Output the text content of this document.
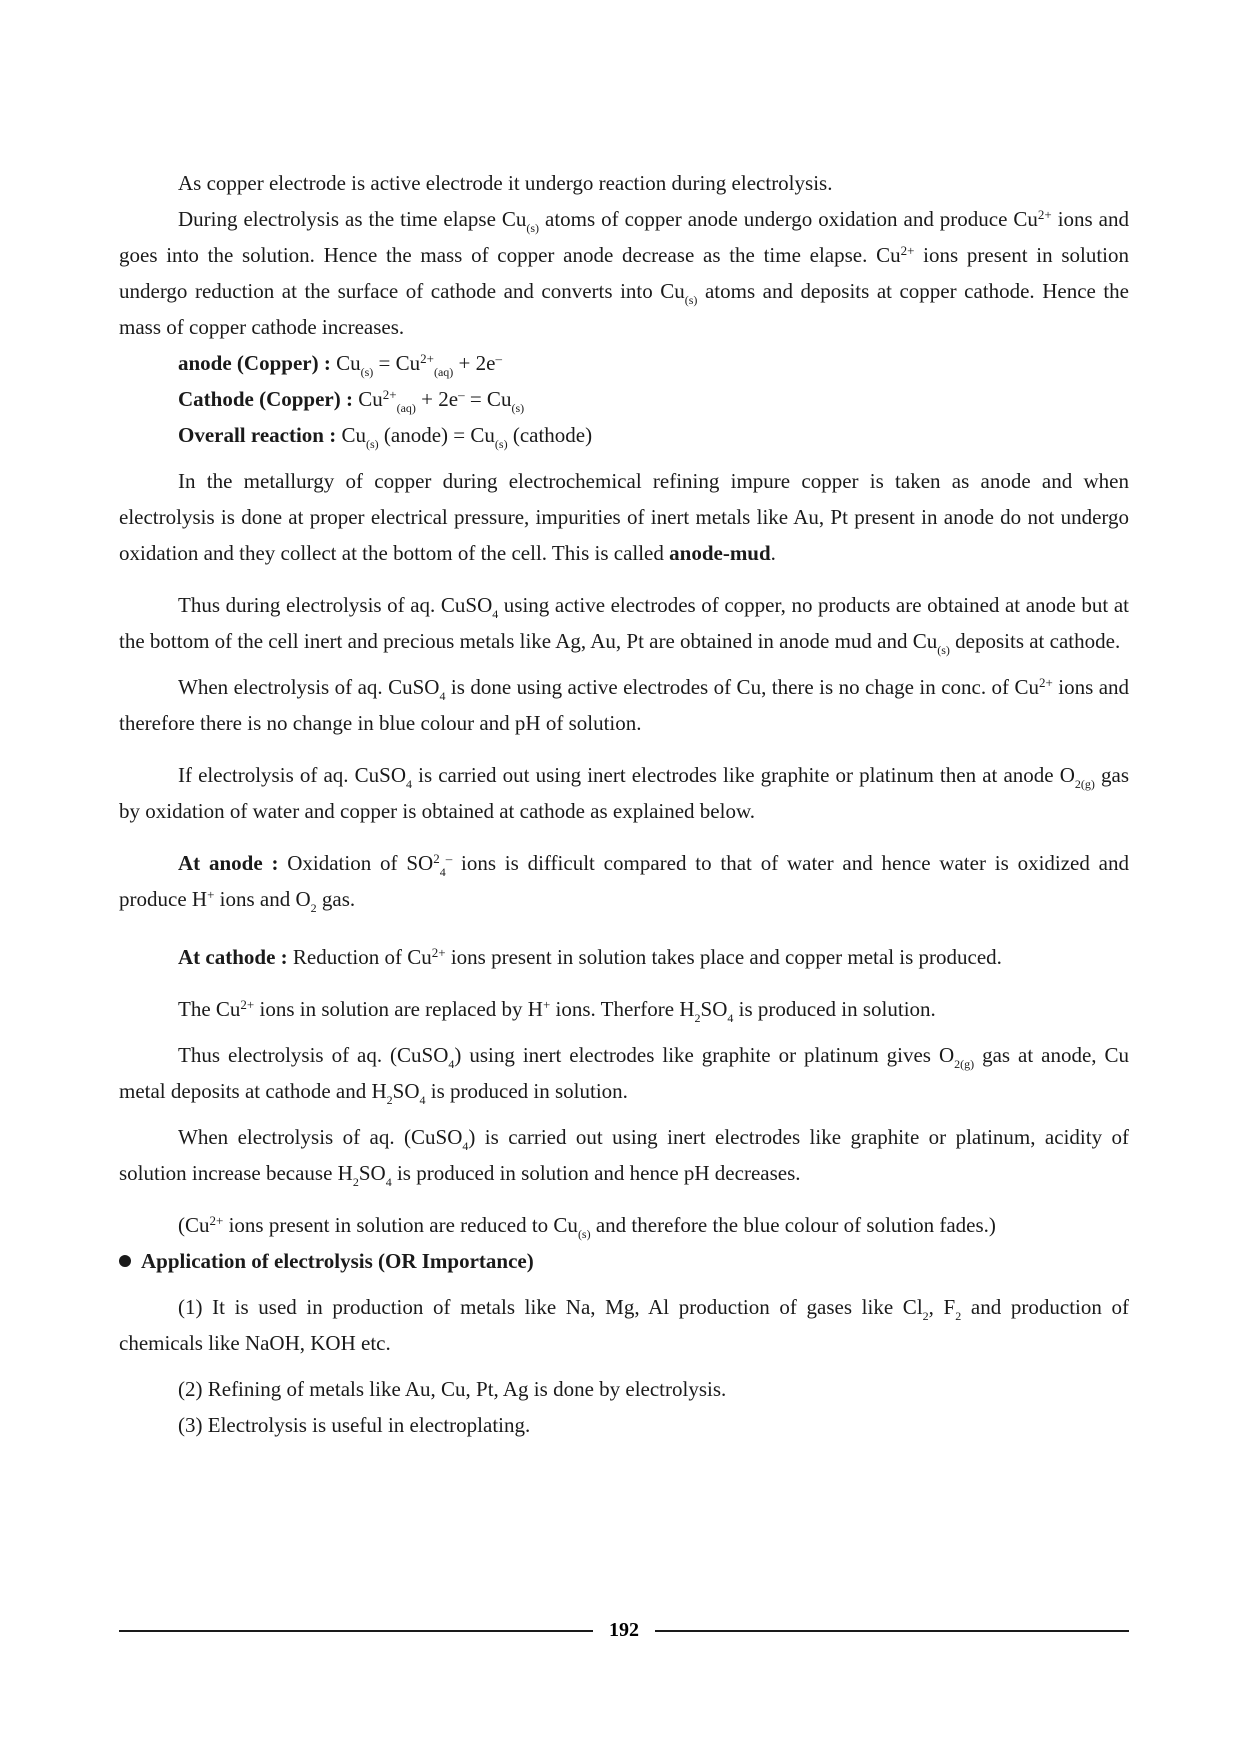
As copper electrode is active electrode it undergo reaction during electrolysis.

During electrolysis as the time elapse $Cu_{(s)}$ atoms of copper anode undergo oxidation and produce $Cu^{2+}$ ions and goes into the solution. Hence the mass of copper anode decrease as the time elapse. $Cu^{2+}$ ions present in solution undergo reduction at the surface of cathode and converts into $Cu_{(s)}$ atoms and deposits at copper cathode. Hence the mass of copper cathode increases.

anode (Copper) : $Cu_{(s)} = Cu^{2+}_{(aq)} + 2e^-$

Cathode (Copper) : $Cu^{2+}_{(aq)} + 2e^- = Cu_{(s)}$

Overall reaction : $Cu_{(s)}$ (anode) = $Cu_{(s)}$ (cathode)

In the metallurgy of copper during electrochemical refining impure copper is taken as anode and when electrolysis is done at proper electrical pressure, impurities of inert metals like Au, Pt present in anode do not undergo oxidation and they collect at the bottom of the cell. This is called anode-mud.

Thus during electrolysis of aq. CuSO$_4$ using active electrodes of copper, no products are obtained at anode but at the bottom of the cell inert and precious metals like Ag, Au, Pt are obtained in anode mud and $Cu_{(s)}$ deposits at cathode.

When electrolysis of aq. CuSO$_4$ is done using active electrodes of Cu, there is no chage in conc. of $Cu^{2+}$ ions and therefore there is no change in blue colour and pH of solution.

If electrolysis of aq. CuSO$_4$ is carried out using inert electrodes like graphite or platinum then at anode $O_{2(g)}$ gas by oxidation of water and copper is obtained at cathode as explained below.

At anode : Oxidation of $SO^2_4^-$ ions is difficult compared to that of water and hence water is oxidized and produce H+ ions and $O_2$ gas.

At cathode : Reduction of $Cu^{2+}$ ions present in solution takes place and copper metal is produced.

The $Cu^{2+}$ ions in solution are replaced by H+ ions. Therfore $H_2SO_4$ is produced in solution.

Thus electrolysis of aq. (CuSO$_4$) using inert electrodes like graphite or platinum gives $O_{2(g)}$ gas at anode, Cu metal deposits at cathode and $H_2SO_4$ is produced in solution.

When electrolysis of aq. (CuSO$_4$) is carried out using inert electrodes like graphite or platinum, acidity of solution increase because $H_2SO_4$ is produced in solution and hence pH decreases.

($Cu^{2+}$ ions present in solution are reduced to $Cu_{(s)}$ and therefore the blue colour of solution fades.)

Application of electrolysis (OR Importance)

(1) It is used in production of metals like Na, Mg, Al production of gases like $Cl_2$, $F_2$ and production of chemicals like NaOH, KOH etc.

(2) Refining of metals like Au, Cu, Pt, Ag is done by electrolysis.

(3) Electrolysis is useful in electroplating.

192
